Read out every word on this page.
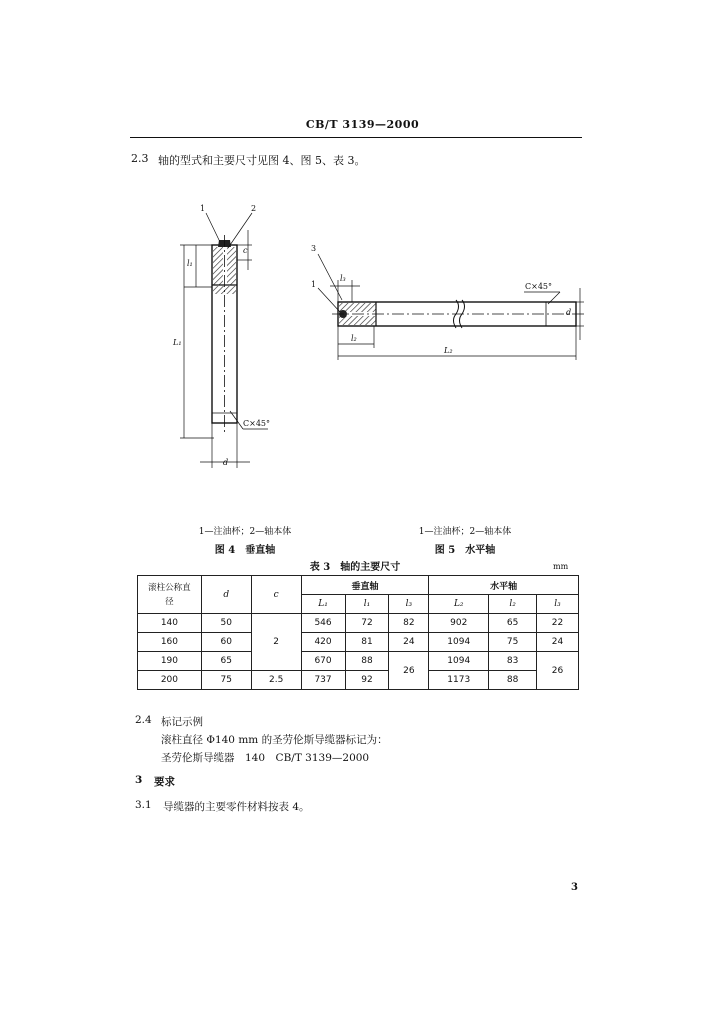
CB/T 3139—2000
2.3 轴的型式和主要尺寸见图 4、图 5、表 3。
1	2
c
l₁
L₁
C×45°
d
3
1
l₃
l₂
L₂
C×45°
d
1—注油杯；2—轴本体
图 4　垂直轴
1—注油杯；2—轴本体
图 5　水平轴
表 3　轴的主要尺寸	mm
滚柱公称直径	d	c	垂直轴			水平轴		
			L₁	l₁	l₃	L₂	l₂	l₃
140	50	2	546	72	82	902	65	22
160	60		420	81	24	1094	75	24
190	65		670	88	26	1094	83	26
200	75	2.5	737	92		1173	88	
2.4 标记示例
滚柱直径 Φ140 mm 的圣劳伦斯导缆器标记为：
圣劳伦斯导缆器　140　CB/T 3139—2000
3 要求
3.1 导缆器的主要零件材料按表 4。
3
